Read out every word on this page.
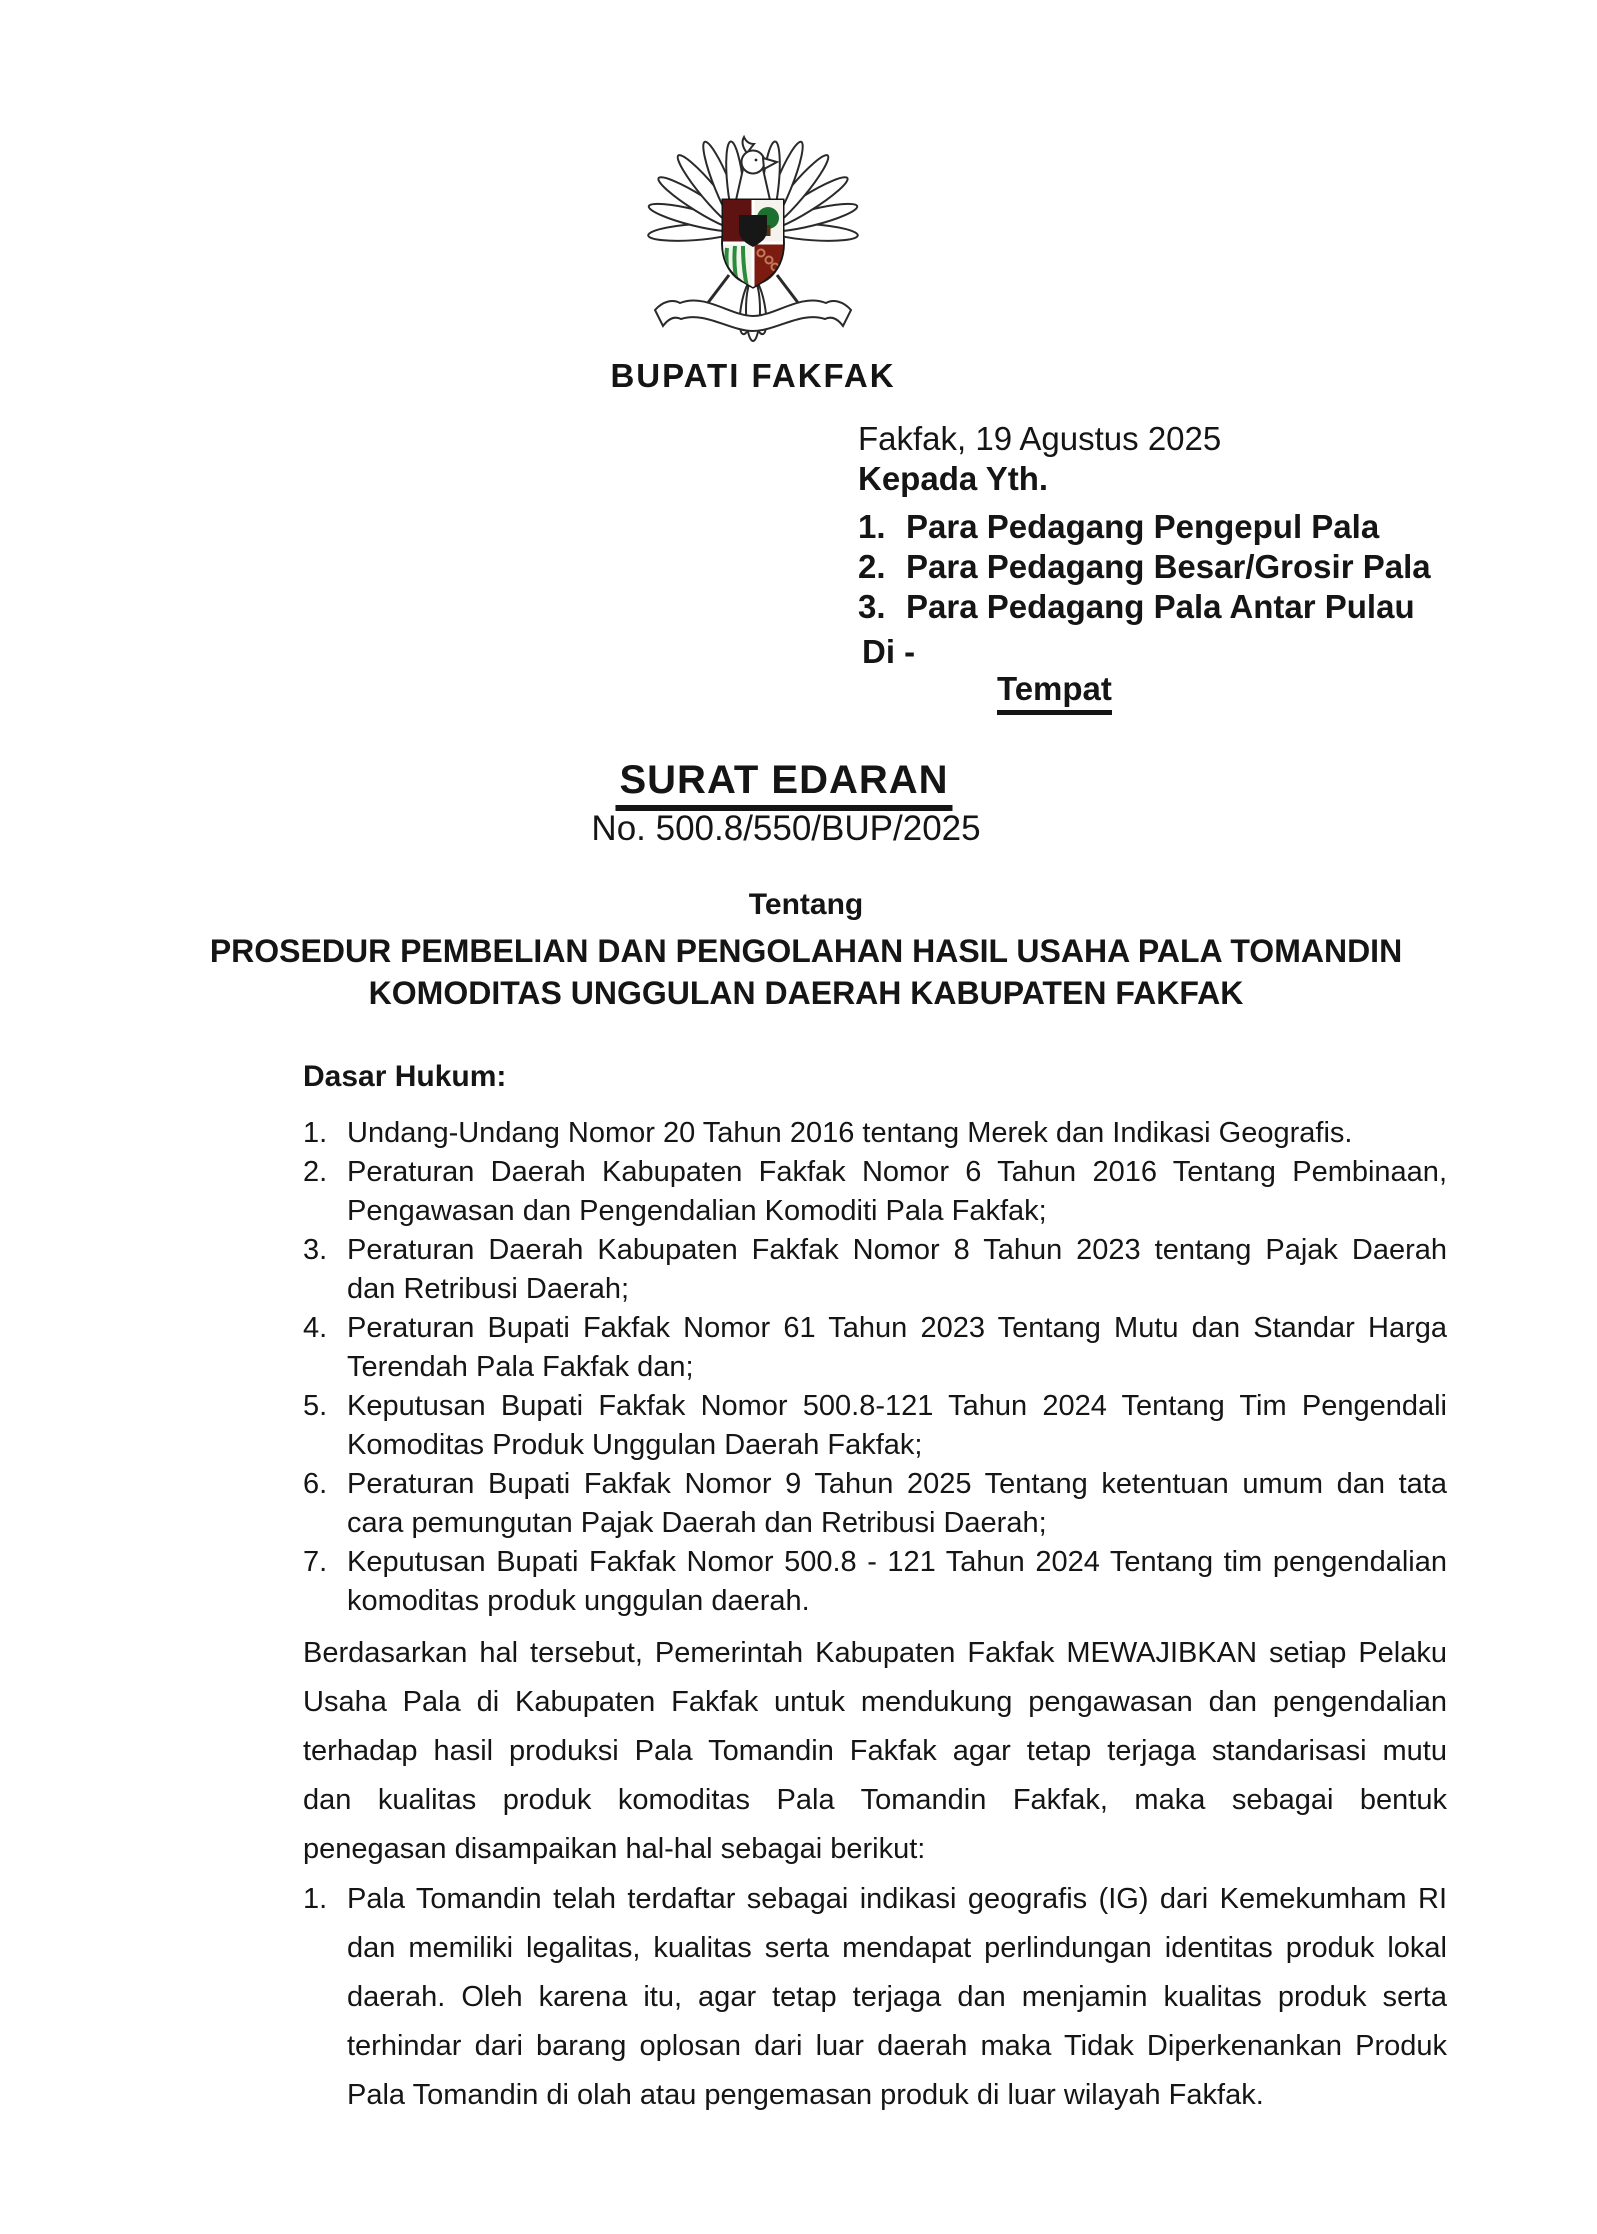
BUPATI FAKFAK
Fakfak, 19 Agustus 2025
Kepada Yth.
1. Para Pedagang Pengepul Pala
2. Para Pedagang Besar/Grosir Pala
3. Para Pedagang Pala Antar Pulau
Di -
Tempat
SURAT EDARAN
No. 500.8/550/BUP/2025
Tentang
PROSEDUR PEMBELIAN DAN PENGOLAHAN HASIL USAHA PALA TOMANDIN
KOMODITAS UNGGULAN DAERAH KABUPATEN FAKFAK
Dasar Hukum:
1. Undang-Undang Nomor 20 Tahun 2016 tentang Merek dan Indikasi Geografis.
2. Peraturan Daerah Kabupaten Fakfak Nomor 6 Tahun 2016 Tentang Pembinaan,
Pengawasan dan Pengendalian Komoditi Pala Fakfak;
3. Peraturan Daerah Kabupaten Fakfak Nomor 8 Tahun 2023 tentang Pajak Daerah
dan Retribusi Daerah;
4. Peraturan Bupati Fakfak Nomor 61 Tahun 2023 Tentang Mutu dan Standar Harga
Terendah Pala Fakfak dan;
5. Keputusan Bupati Fakfak Nomor 500.8-121 Tahun 2024 Tentang Tim Pengendali
Komoditas Produk Unggulan Daerah Fakfak;
6. Peraturan Bupati Fakfak Nomor 9 Tahun 2025 Tentang ketentuan umum dan tata
cara pemungutan Pajak Daerah dan Retribusi Daerah;
7. Keputusan Bupati Fakfak Nomor 500.8 - 121 Tahun 2024 Tentang tim pengendalian
komoditas produk unggulan daerah.
Berdasarkan hal tersebut, Pemerintah Kabupaten Fakfak MEWAJIBKAN setiap Pelaku
Usaha Pala di Kabupaten Fakfak untuk mendukung pengawasan dan pengendalian
terhadap hasil produksi Pala Tomandin Fakfak agar tetap terjaga standarisasi mutu
dan kualitas produk komoditas Pala Tomandin Fakfak, maka sebagai bentuk
penegasan disampaikan hal-hal sebagai berikut:
1. Pala Tomandin telah terdaftar sebagai indikasi geografis (IG) dari Kemekumham RI
dan memiliki legalitas, kualitas serta mendapat perlindungan identitas produk lokal
daerah. Oleh karena itu, agar tetap terjaga dan menjamin kualitas produk serta
terhindar dari barang oplosan dari luar daerah maka Tidak Diperkenankan Produk
Pala Tomandin di olah atau pengemasan produk di luar wilayah Fakfak.
